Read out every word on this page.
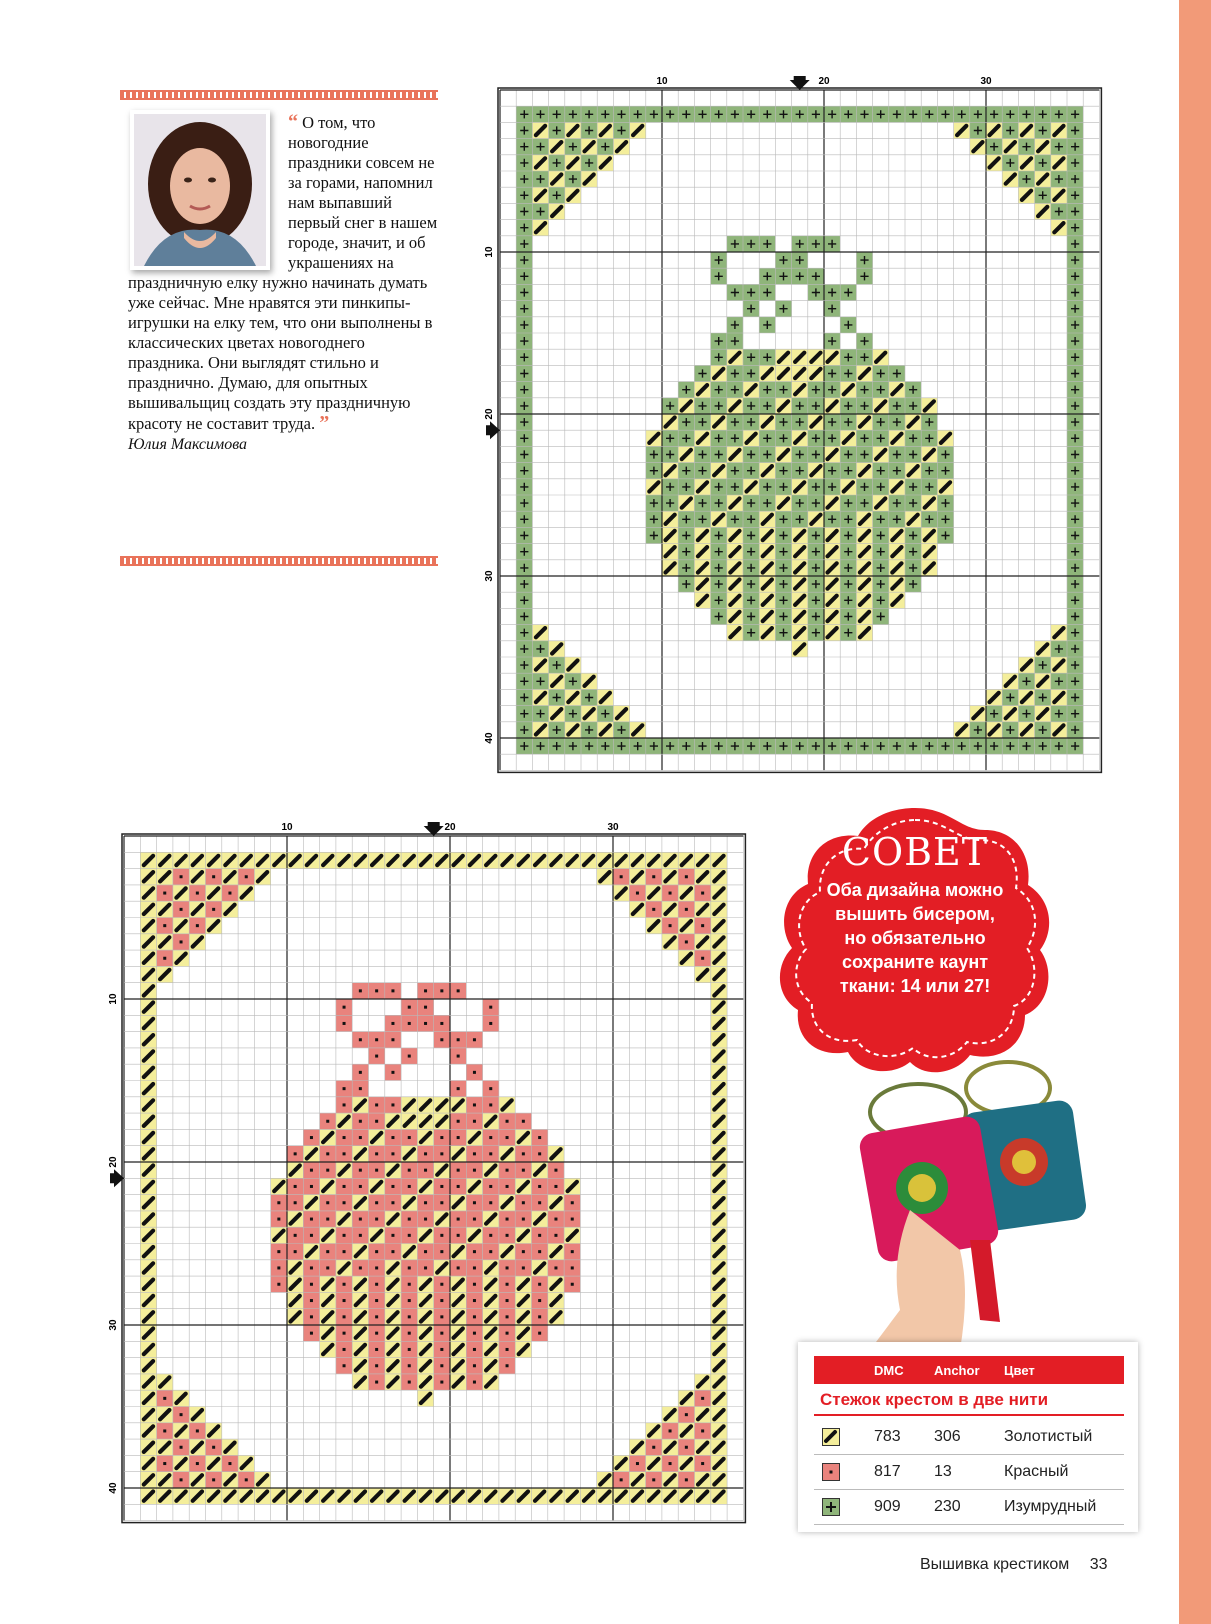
“ О том, что новогодние праздники совсем не за горами, напомнил нам выпавший первый снег в нашем городе, значит, и об украшениях на праздничную елку нужно начинать думать уже сейчас. Мне нравятся эти пинкипы-игрушки на елку тем, что они выполнены в классических цветах новогоднего праздника. Они выглядят стильно и празднично. Думаю, для опытных вышивальщиц создать эту праздничную красоту не составит труда. ”
Юлия Максимова
10	20	30
10
20
30
40
10	20	30
10
20
30
40
СОВЕТ
Оба дизайна можно
вышить бисером,
но обязательно
сохраните каунт
ткани: 14 или 27!
DMC Anchor Цвет
Стежок крестом в две нити
783 306	Золотистый
817 13	Красный
909 230	Изумрудный
Вышивка крестиком 33
